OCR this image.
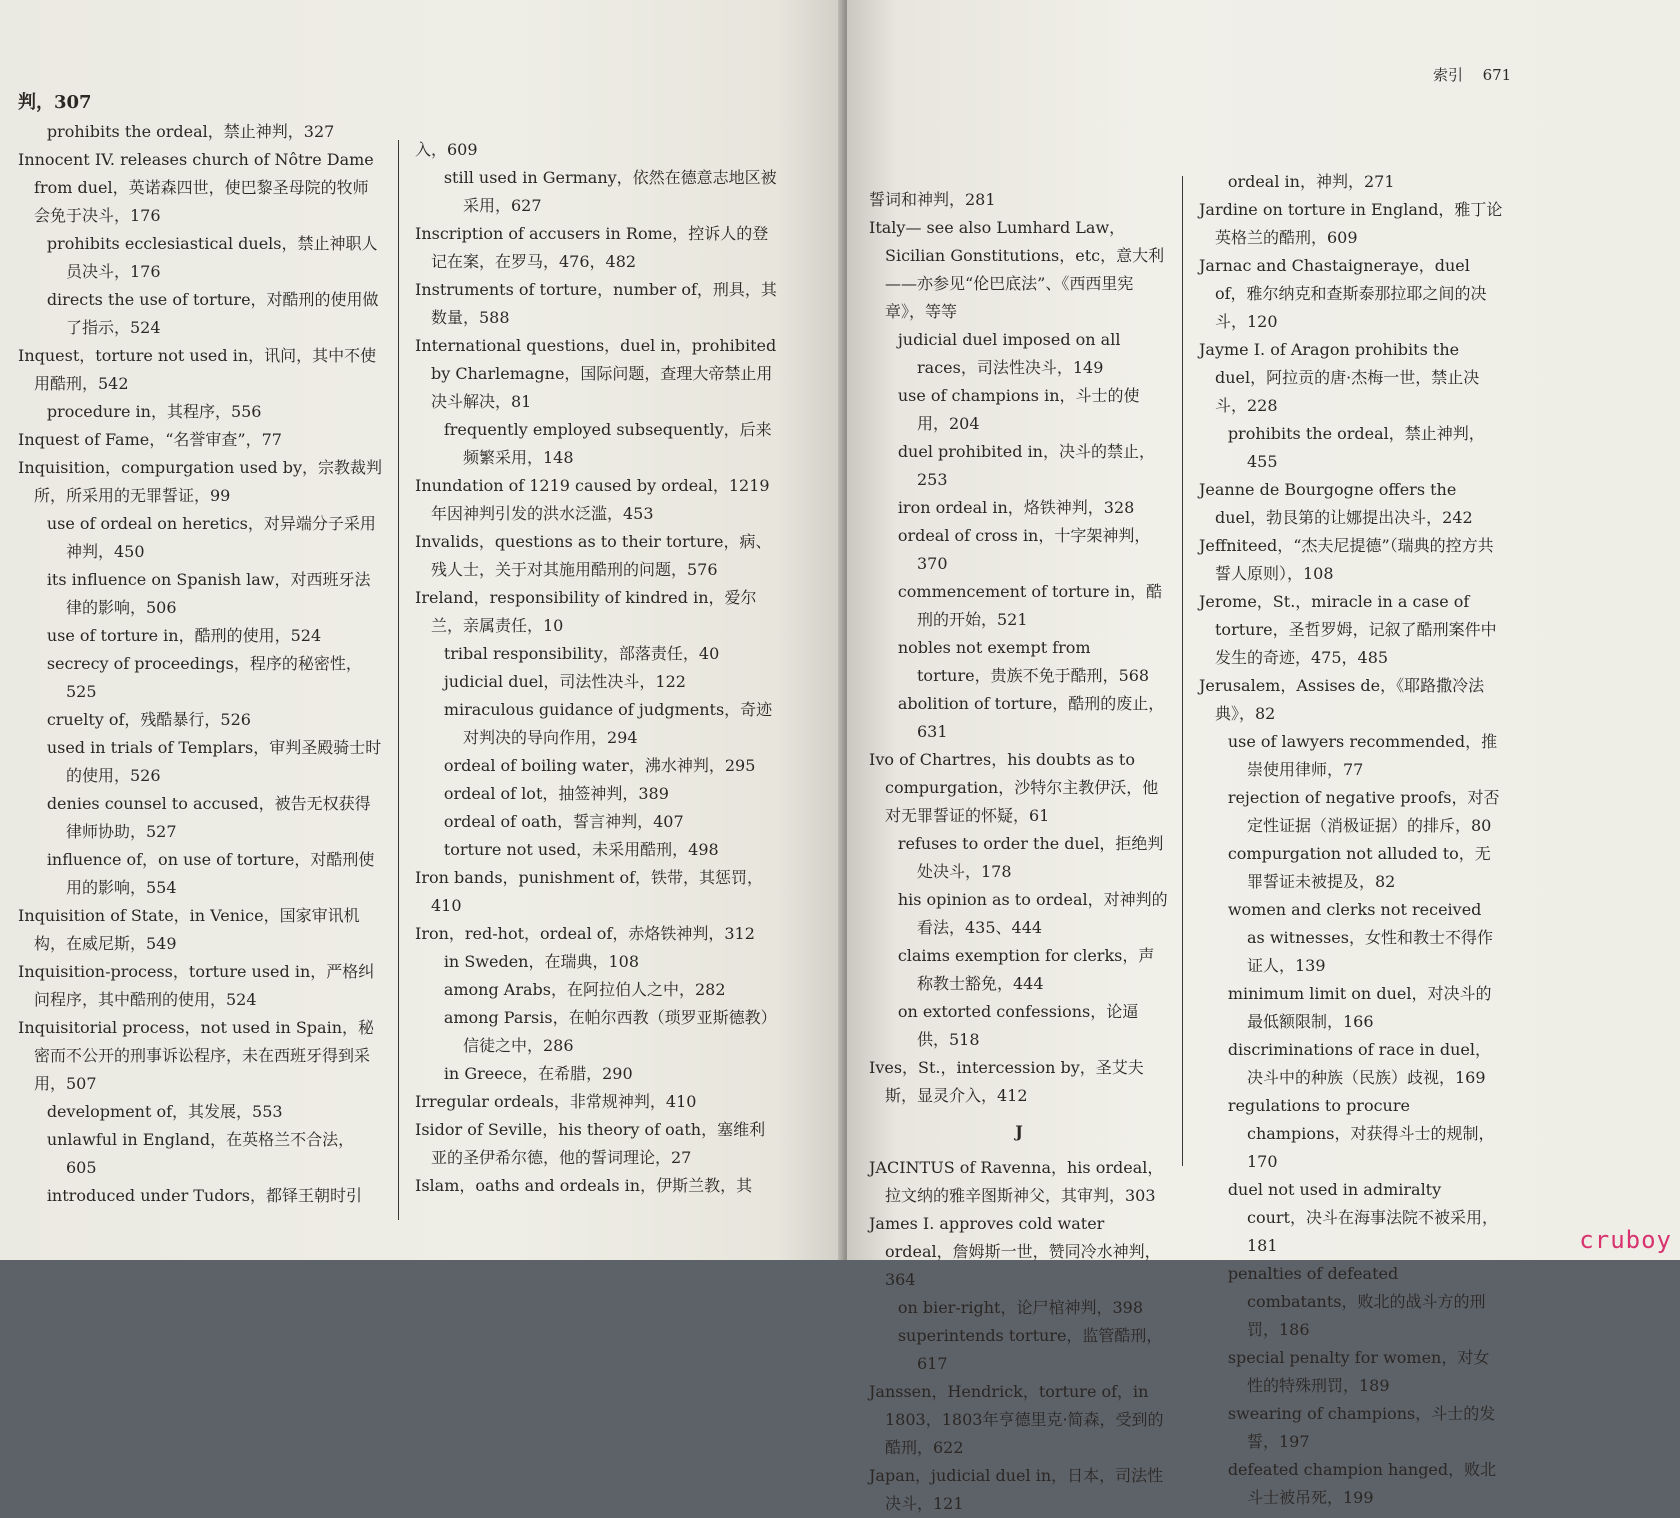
判，307

prohibits the ordeal，禁止神判，327

Innocent IV. releases church of Nôtre Dame from duel，英诺森四世，使巴黎圣母院的牧师会免于决斗，176

prohibits ecclesiastical duels，禁止神职人员决斗，176

directs the use of torture，对酷刑的使用做了指示，524

Inquest，torture not used in，讯问，其中不使用酷刑，542

procedure in，其程序，556

Inquest of Fame，“名誉审查”，77

Inquisition，compurgation used by，宗教裁判所，所采用的无罪誓证，99

use of ordeal on heretics，对异端分子采用神判，450

its influence on Spanish law，对西班牙法律的影响，506

use of torture in，酷刑的使用，524

secrecy of proceedings，程序的秘密性，525

cruelty of，残酷暴行，526

used in trials of Templars，审判圣殿骑士时的使用，526

denies counsel to accused，被告无权获得律师协助，527

influence of，on use of torture，对酷刑使用的影响，554

Inquisition of State，in Venice，国家审讯机构，在威尼斯，549

Inquisition-process，torture used in，严格纠问程序，其中酷刑的使用，524

Inquisitorial process，not used in Spain，秘密而不公开的刑事诉讼程序，未在西班牙得到采用，507

development of，其发展，553

unlawful in England，在英格兰不合法，605

introduced under Tudors，都铎王朝时引

入，609

still used in Germany，依然在德意志地区被采用，627

Inscription of accusers in Rome，控诉人的登记在案，在罗马，476，482

Instruments of torture，number of，刑具，其数量，588

International questions，duel in，prohibited by Charlemagne，国际问题，查理大帝禁止用决斗解决，81

frequently employed subsequently，后来频繁采用，148

Inundation of 1219 caused by ordeal，1219年因神判引发的洪水泛滥，453

Invalids，questions as to their torture，病、残人士，关于对其施用酷刑的问题，576

Ireland，responsibility of kindred in，爱尔兰，亲属责任，10

tribal responsibility，部落责任，40

judicial duel，司法性决斗，122

miraculous guidance of judgments，奇迹对判决的导向作用，294

ordeal of boiling water，沸水神判，295

ordeal of lot，抽签神判，389

ordeal of oath，誓言神判，407

torture not used，未采用酷刑，498

Iron bands，punishment of，铁带，其惩罚，410

Iron，red-hot，ordeal of，赤烙铁神判，312

in Sweden，在瑞典，108

among Arabs，在阿拉伯人之中，282

among Parsis，在帕尔西教（琐罗亚斯德教）信徒之中，286

in Greece，在希腊，290

Irregular ordeals，非常规神判，410

Isidor of Seville，his theory of oath，塞维利亚的圣伊希尔德，他的誓词理论，27

Islam，oaths and ordeals in，伊斯兰教，其

索引 671

誓词和神判，281

Italy— see also Lumhard Law，Sicilian Gonstitutions，etc，意大利——亦参见“伦巴底法”、《西西里宪章》，等等

judicial duel imposed on all races，司法性决斗，149

use of champions in，斗士的使用，204

duel prohibited in，决斗的禁止，253

iron ordeal in，烙铁神判，328

ordeal of cross in，十字架神判，370

commencement of torture in，酷刑的开始，521

nobles not exempt from torture，贵族不免于酷刑，568

abolition of torture，酷刑的废止，631

Ivo of Chartres，his doubts as to compurgation，沙特尔主教伊沃，他对无罪誓证的怀疑，61

refuses to order the duel，拒绝判处决斗，178

his opinion as to ordeal，对神判的看法，435、444

claims exemption for clerks，声称教士豁免，444

on extorted confessions，论逼供，518

Ives，St.，intercession by，圣艾夫斯，显灵介入，412

J

JACINTUS of Ravenna，his ordeal，拉文纳的雅辛图斯神父，其审判，303

James I. approves cold water ordeal，詹姆斯一世，赞同冷水神判，364

on bier-right，论尸棺神判，398

superintends torture，监管酷刑，617

Janssen，Hendrick，torture of，in 1803，1803年亨德里克·简森，受到的酷刑，622

Japan，judicial duel in，日本，司法性决斗，121

ordeal in，神判，271

Jardine on torture in England，雅丁论英格兰的酷刑，609

Jarnac and Chastaigneraye，duel of，雅尔纳克和查斯泰那拉耶之间的决斗，120

Jayme I. of Aragon prohibits the duel，阿拉贡的唐·杰梅一世，禁止决斗，228

prohibits the ordeal，禁止神判，455

Jeanne de Bourgogne offers the duel，勃艮第的让娜提出决斗，242

Jeffniteed，“杰夫尼提德”（瑞典的控方共誓人原则），108

Jerome，St.，miracle in a case of torture，圣哲罗姆，记叙了酷刑案件中发生的奇迹，475，485

Jerusalem，Assises de，《耶路撒冷法典》，82

use of lawyers recommended，推崇使用律师，77

rejection of negative proofs，对否定性证据（消极证据）的排斥，80

compurgation not alluded to，无罪誓证未被提及，82

women and clerks not received as witnesses，女性和教士不得作证人，139

minimum limit on duel，对决斗的最低额限制，166

discriminations of race in duel，决斗中的种族（民族）歧视，169

regulations to procure champions，对获得斗士的规制，170

duel not used in admiralty court，决斗在海事法院不被采用，181

penalties of defeated combatants，败北的战斗方的刑罚，186

special penalty for women，对女性的特殊刑罚，189

swearing of champions，斗士的发誓，197

defeated champion hanged，败北斗士被吊死，199

cruboy
